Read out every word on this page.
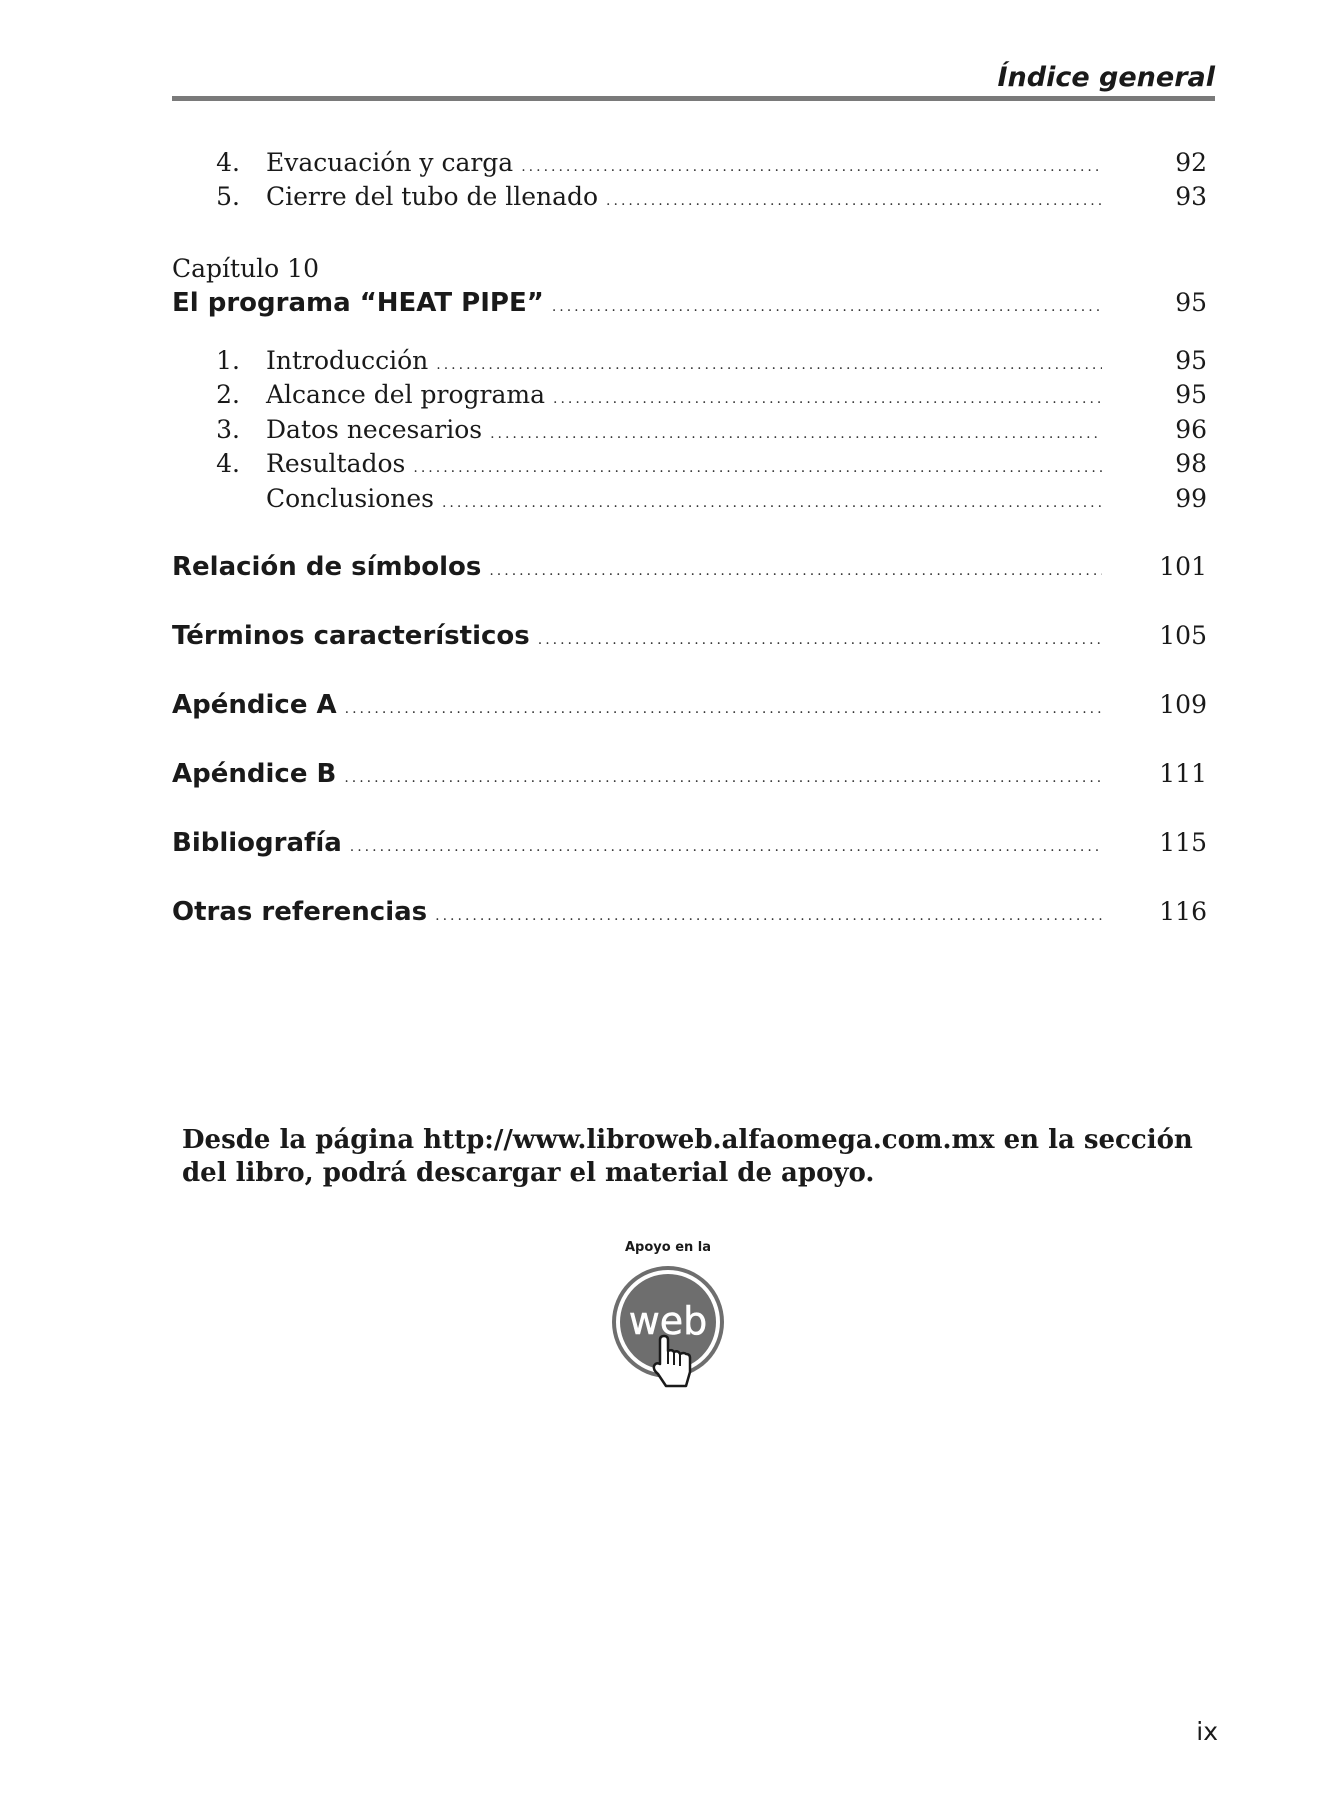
Índice general
4. Evacuación y carga .....	92
5. Cierre del tubo de llenado .....	93
Capítulo 10
El programa “HEAT PIPE” .....	95
1. Introducción .....	95
2. Alcance del programa .....	95
3. Datos necesarios .....	96
4. Resultados .....	98
Conclusiones .....	99
Relación de símbolos .....	101
Términos característicos .....	105
Apéndice A .....	109
Apéndice B .....	111
Bibliografía .....	115
Otras referencias .....	116
Desde la página http://www.libroweb.alfaomega.com.mx en la sección
del libro, podrá descargar el material de apoyo.
Apoyo en la
web
ix
